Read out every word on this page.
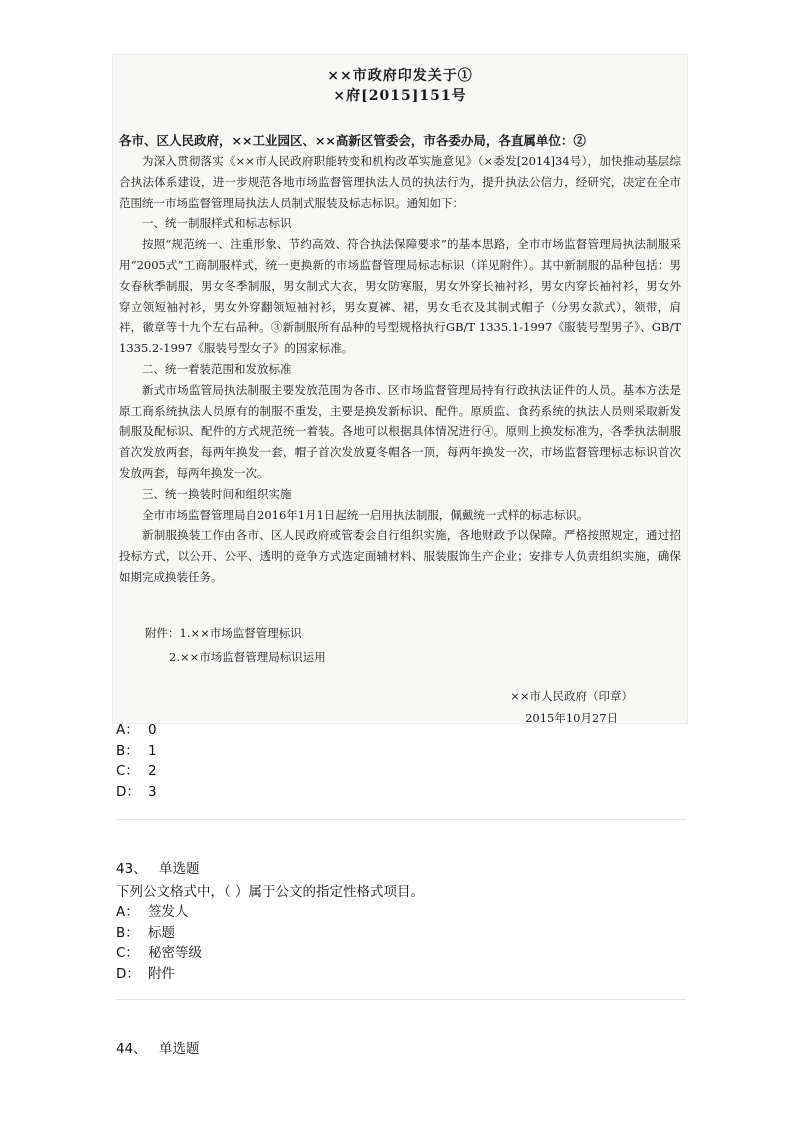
××市政府印发关于①
×府[2015]151号
各市、区人民政府，××工业园区、××高新区管委会，市各委办局，各直属单位：②

为深入贯彻落实《××市人民政府职能转变和机构改革实施意见》（×委发[2014]34号），加快推动基层综合执法体系建设，进一步规范各地市场监督管理执法人员的执法行为，提升执法公信力，经研究，决定在全市范围统一市场监督管理局执法人员制式服装及标志标识。通知如下：

一、统一制服样式和标志标识

按照“规范统一、注重形象、节约高效、符合执法保障要求”的基本思路，全市市场监督管理局执法制服采用“2005式”工商制服样式，统一更换新的市场监督管理局标志标识（详见附件）。其中新制服的品种包括：男女春秋季制服，男女冬季制服，男女制式大衣，男女防寒服，男女外穿长袖衬衫，男女内穿长袖衬衫，男女外穿立领短袖衬衫，男女外穿翻领短袖衬衫，男女夏裤、裙，男女毛衣及其制式帽子（分男女款式），领带，肩袢，徽章等十九个左右品种。③新制服所有品种的号型规格执行GB/T 1335.1-1997《服装号型男子》、GB/T 1335.2-1997《服装号型女子》的国家标准。

二、统一着装范围和发放标准

新式市场监管局执法制服主要发放范围为各市、区市场监督管理局持有行政执法证件的人员。基本方法是原工商系统执法人员原有的制服不重发，主要是换发新标识、配件。原质监、食药系统的执法人员则采取新发制服及配标识、配件的方式规范统一着装。各地可以根据具体情况进行④。原则上换发标准为，各季执法制服首次发放两套，每两年换发一套，帽子首次发放夏冬帽各一顶，每两年换发一次，市场监督管理标志标识首次发放两套，每两年换发一次。

三、统一换装时间和组织实施

全市市场监督管理局自2016年1月1日起统一启用执法制服，佩戴统一式样的标志标识。

新制服换装工作由各市、区人民政府或管委会自行组织实施，各地财政予以保障。严格按照规定，通过招投标方式，以公开、公平、透明的竞争方式选定面辅材料、服装服饰生产企业；安排专人负责组织实施，确保如期完成换装任务。

附件：1.××市场监督管理标识
2.××市场监督管理局标识运用
××市人民政府（印章）
2015年10月27日
A： 0
B： 1
C： 2
D： 3
43、 单选题
下列公文格式中，（ ）属于公文的指定性格式项目。
A： 签发人
B： 标题
C： 秘密等级
D： 附件
44、 单选题
